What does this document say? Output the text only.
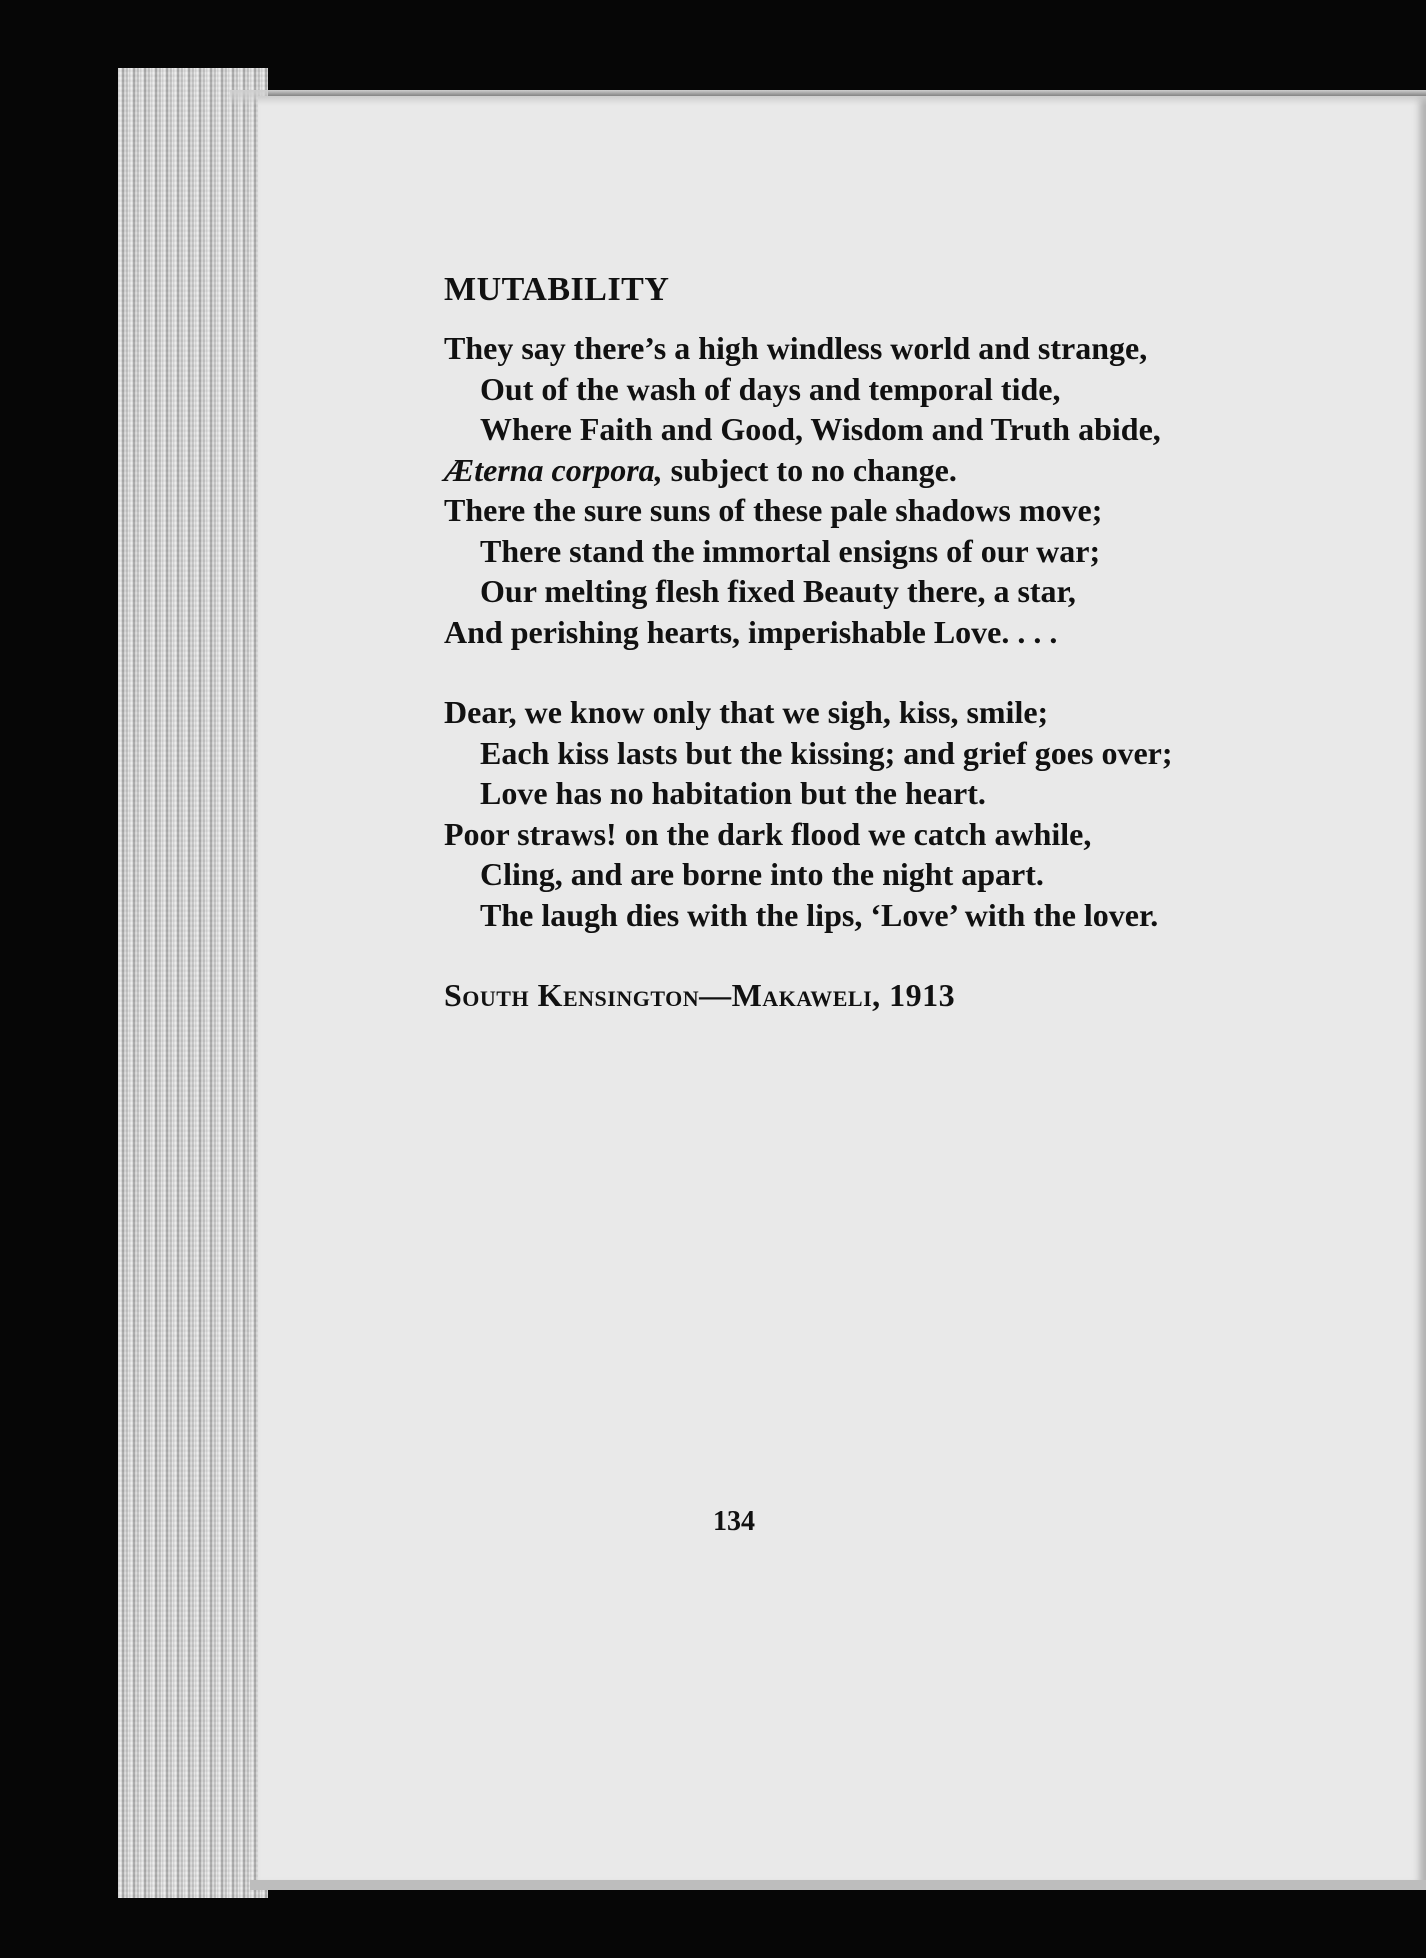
MUTABILITY
They say there’s a high windless world and strange,
Out of the wash of days and temporal tide,
Where Faith and Good, Wisdom and Truth abide,
Æterna corpora, subject to no change.
There the sure suns of these pale shadows move;
There stand the immortal ensigns of our war;
Our melting flesh fixed Beauty there, a star,
And perishing hearts, imperishable Love. . . .
Dear, we know only that we sigh, kiss, smile;
Each kiss lasts but the kissing; and grief goes over;
Love has no habitation but the heart.
Poor straws! on the dark flood we catch awhile,
Cling, and are borne into the night apart.
The laugh dies with the lips, ‘Love’ with the lover.
South Kensington—Makaweli, 1913
134
